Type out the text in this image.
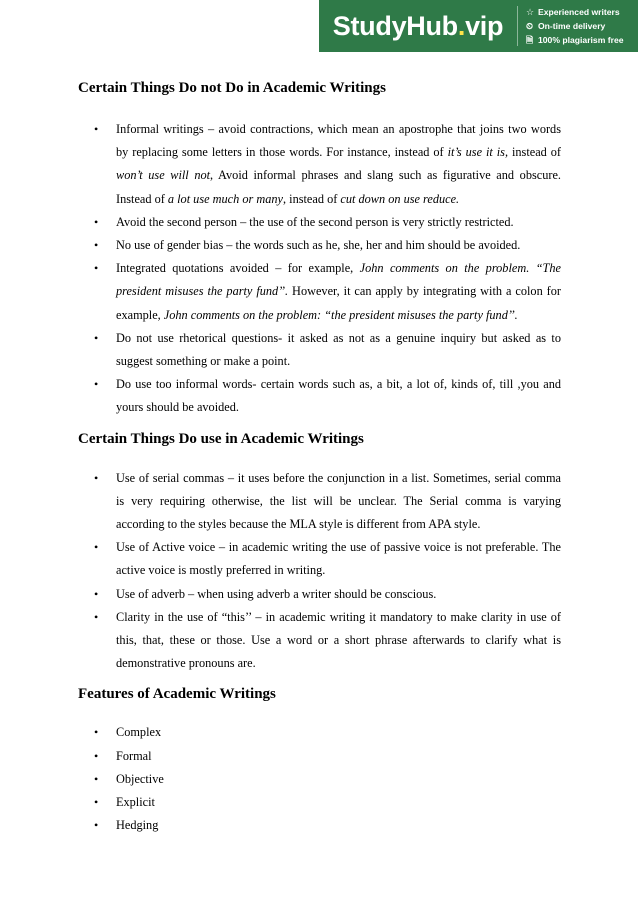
StudyHub . vip	☆ Experienced writers
⏲ On-time delivery
🗎 100% plagiarism free
Certain Things Do not Do in Academic Writings
• Informal writings – avoid contractions, which mean an apostrophe that joins two words by replacing some letters in those words. For instance, instead of it’s use it is, instead of won’t use will not, Avoid informal phrases and slang such as figurative and obscure. Instead of a lot use much or many, instead of cut down on use reduce.
• Avoid the second person – the use of the second person is very strictly restricted.
• No use of gender bias – the words such as he, she, her and him should be avoided.
• Integrated quotations avoided – for example, John comments on the problem. “The president misuses the party fund’’. However, it can apply by integrating with a colon for example, John comments on the problem: “the president misuses the party fund’’.
• Do not use rhetorical questions- it asked as not as a genuine inquiry but asked as to suggest something or make a point.
• Do use too informal words- certain words such as, a bit, a lot of, kinds of, till ,you and yours should be avoided.
Certain Things Do use in Academic Writings
• Use of serial commas – it uses before the conjunction in a list. Sometimes, serial comma is very requiring otherwise, the list will be unclear. The Serial comma is varying according to the styles because the MLA style is different from APA style.
• Use of Active voice – in academic writing the use of passive voice is not preferable. The active voice is mostly preferred in writing.
• Use of adverb – when using adverb a writer should be conscious.
• Clarity in the use of “this’’ – in academic writing it mandatory to make clarity in use of this, that, these or those. Use a word or a short phrase afterwards to clarify what is demonstrative pronouns are.
Features of Academic Writings
• Complex
• Formal
• Objective
• Explicit
• Hedging
